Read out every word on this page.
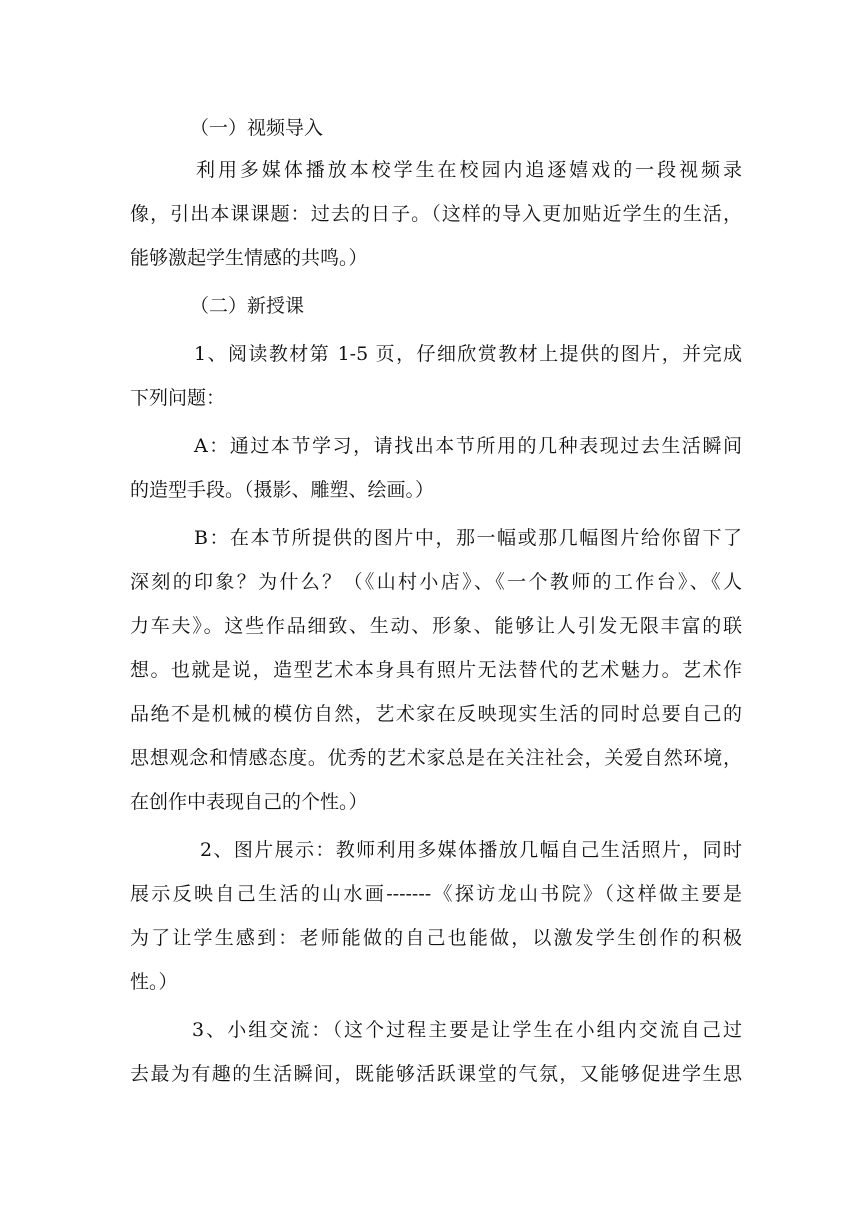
（一）视频导入
利用多媒体播放本校学生在校园内追逐嬉戏的一段视频录
像，引出本课课题：过去的日子。（这样的导入更加贴近学生的生活，
能够激起学生情感的共鸣。）
（二）新授课
1、阅读教材第 1-5 页，仔细欣赏教材上提供的图片，并完成
下列问题：
A：通过本节学习，请找出本节所用的几种表现过去生活瞬间
的造型手段。（摄影、雕塑、绘画。）
B：在本节所提供的图片中，那一幅或那几幅图片给你留下了
深刻的印象？为什么？（《山村小店》、《一个教师的工作台》、《人
力车夫》。这些作品细致、生动、形象、能够让人引发无限丰富的联
想。也就是说，造型艺术本身具有照片无法替代的艺术魅力。艺术作
品绝不是机械的模仿自然，艺术家在反映现实生活的同时总要自己的
思想观念和情感态度。优秀的艺术家总是在关注社会，关爱自然环境，
在创作中表现自己的个性。）
2、图片展示：教师利用多媒体播放几幅自己生活照片，同时
展示反映自己生活的山水画-------《探访龙山书院》（这样做主要是
为了让学生感到：老师能做的自己也能做，以激发学生创作的积极
性。）
3、小组交流：（这个过程主要是让学生在小组内交流自己过
去最为有趣的生活瞬间，既能够活跃课堂的气氛，又能够促进学生思
